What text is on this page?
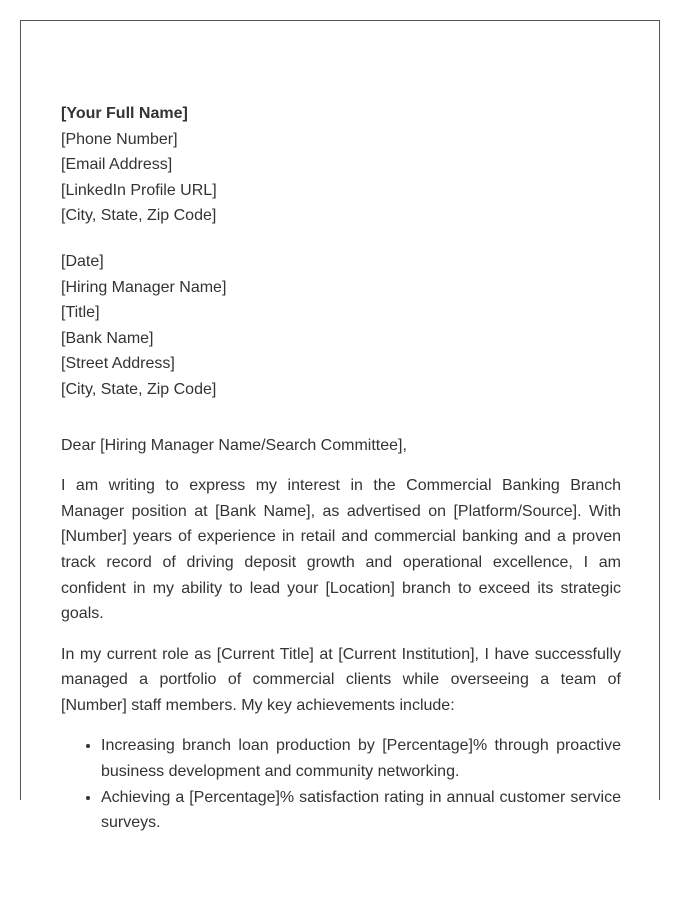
[Your Full Name]
[Phone Number]
[Email Address]
[LinkedIn Profile URL]
[City, State, Zip Code]
[Date]
[Hiring Manager Name]
[Title]
[Bank Name]
[Street Address]
[City, State, Zip Code]

Dear [Hiring Manager Name/Search Committee],

I am writing to express my interest in the Commercial Banking Branch Manager position at [Bank Name], as advertised on [Platform/Source]. With [Number] years of experience in retail and commercial banking and a proven track record of driving deposit growth and operational excellence, I am confident in my ability to lead your [Location] branch to exceed its strategic goals.

In my current role as [Current Title] at [Current Institution], I have successfully managed a portfolio of commercial clients while overseeing a team of [Number] staff members. My key achievements include:

• Increasing branch loan production by [Percentage]% through proactive business development and community networking.
• Achieving a [Percentage]% satisfaction rating in annual customer service surveys.
